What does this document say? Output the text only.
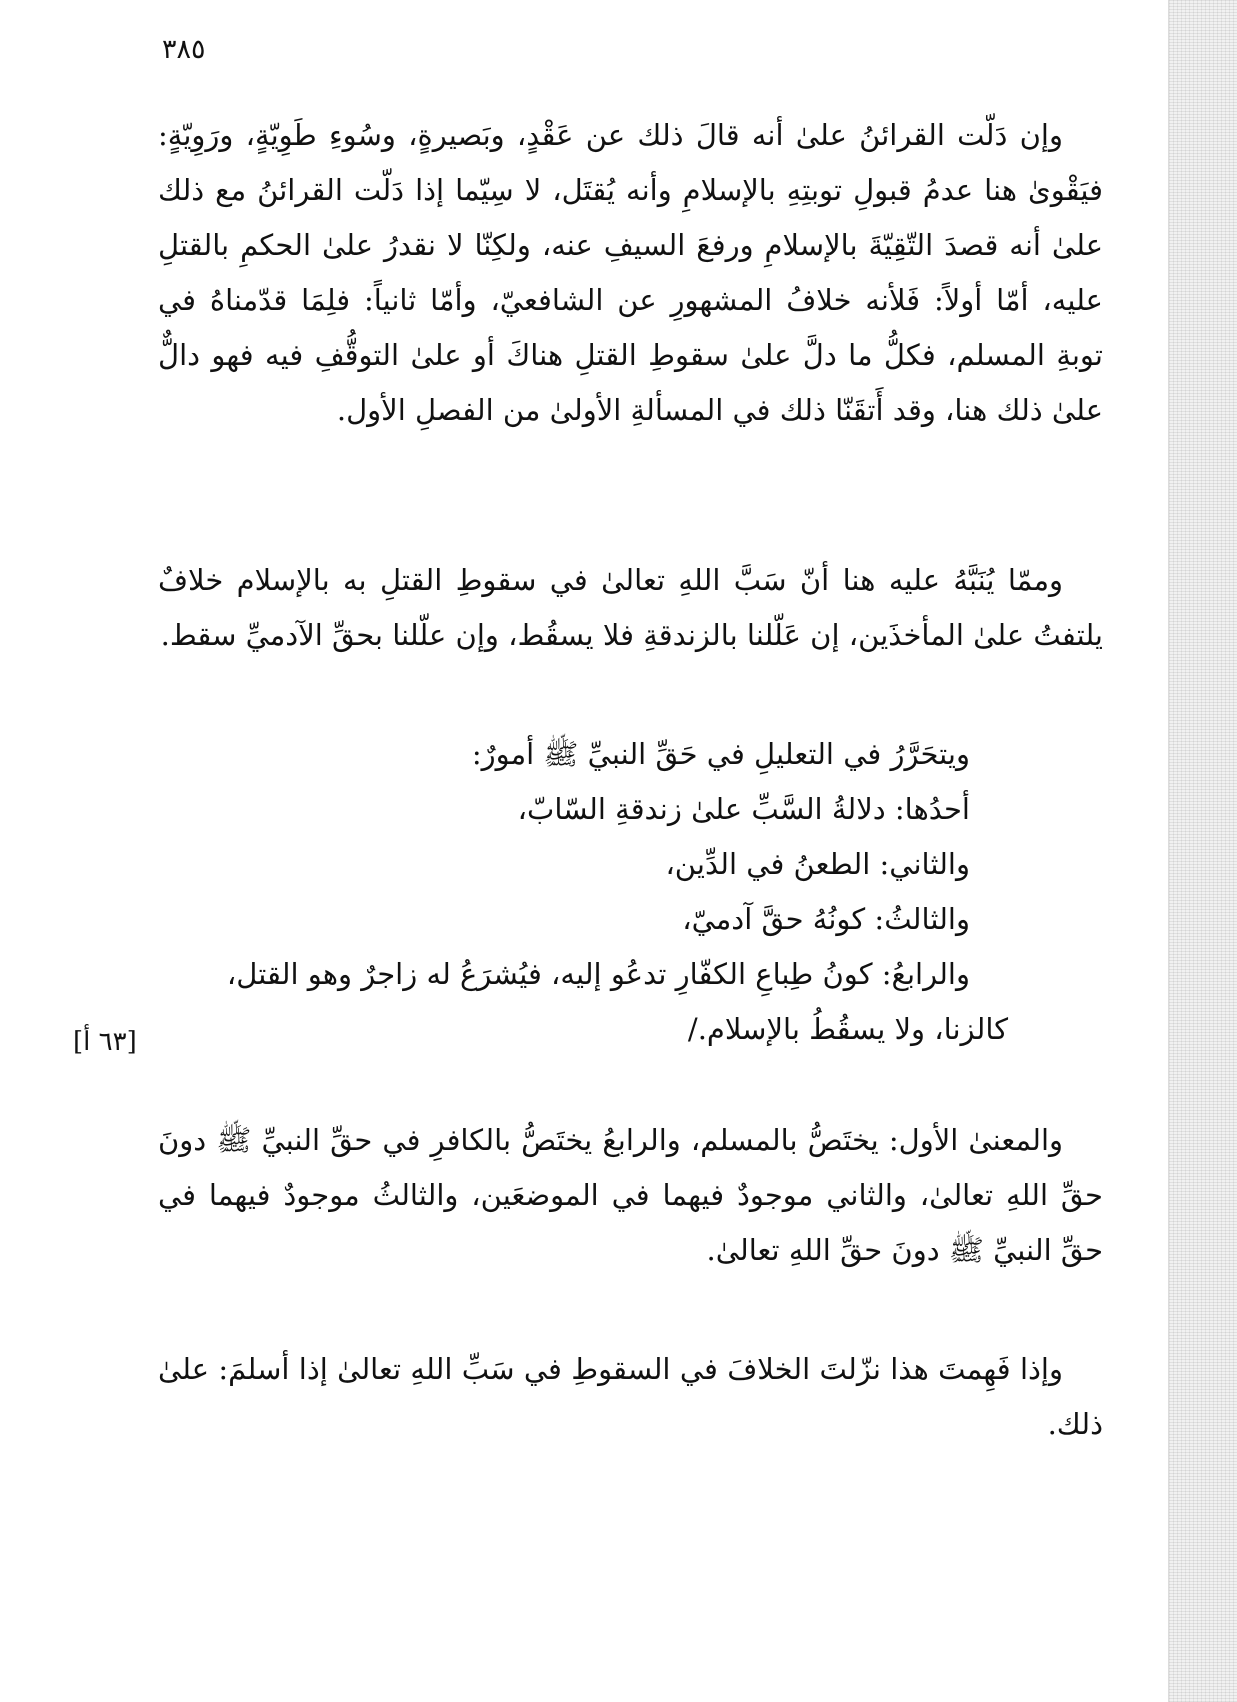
٣٨٥

وإن دَلّت القرائنُ علىٰ أنه قالَ ذلك عن عَقْدٍ، وبَصيرةٍ، وسُوءِ طَوِيّةٍ، ورَوِيّةٍ: فيَقْوىٰ هنا عدمُ قبولِ توبتِهِ بالإسلامِ وأنه يُقتَل، لا سِيّما إذا دَلّت القرائنُ مع ذلك علىٰ أنه قصدَ التّقِيّةَ بالإسلامِ ورفعَ السيفِ عنه، ولكِنّا لا نقدرُ علىٰ الحكمِ بالقتلِ عليه، أمّا أولاً: فَلأنه خلافُ المشهورِ عن الشافعيّ، وأمّا ثانياً: فلِمَا قدّمناهُ في توبةِ المسلم، فكلُّ ما دلَّ علىٰ سقوطِ القتلِ هناكَ أو علىٰ التوقُّفِ فيه فهو دالٌّ علىٰ ذلك هنا، وقد أَتقَنّا ذلك في المسألةِ الأولىٰ من الفصلِ الأول.

وممّا يُنَبَّهُ عليه هنا أنّ سَبَّ اللهِ تعالىٰ في سقوطِ القتلِ به بالإسلام خلافٌ يلتفتُ علىٰ المأخذَين، إن عَلّلنا بالزندقةِ فلا يسقُط، وإن علّلنا بحقِّ الآدميِّ سقط.

ويتحَرَّرُ في التعليلِ في حَقِّ النبيِّ ﷺ أمورٌ:

أحدُها: دلالةُ السَّبِّ علىٰ زندقةِ السّابّ،

والثاني: الطعنُ في الدِّين،

والثالثُ: كونُهُ حقَّ آدميّ،

والرابعُ: كونُ طِباعِ الكفّارِ تدعُو إليه، فيُشرَعُ له زاجرٌ وهو القتل، كالزنا، ولا يسقُطُ بالإسلام./

[٦٣ أ]

والمعنىٰ الأول: يختَصُّ بالمسلم، والرابعُ يختَصُّ بالكافرِ في حقِّ النبيِّ ﷺ دونَ حقِّ اللهِ تعالىٰ، والثاني موجودٌ فيهما في الموضعَين، والثالثُ موجودٌ فيهما في حقِّ النبيِّ ﷺ دونَ حقِّ اللهِ تعالىٰ.

وإذا فَهِمتَ هذا نزّلتَ الخلافَ في السقوطِ في سَبِّ اللهِ تعالىٰ إذا أسلمَ: علىٰ ذلك.
